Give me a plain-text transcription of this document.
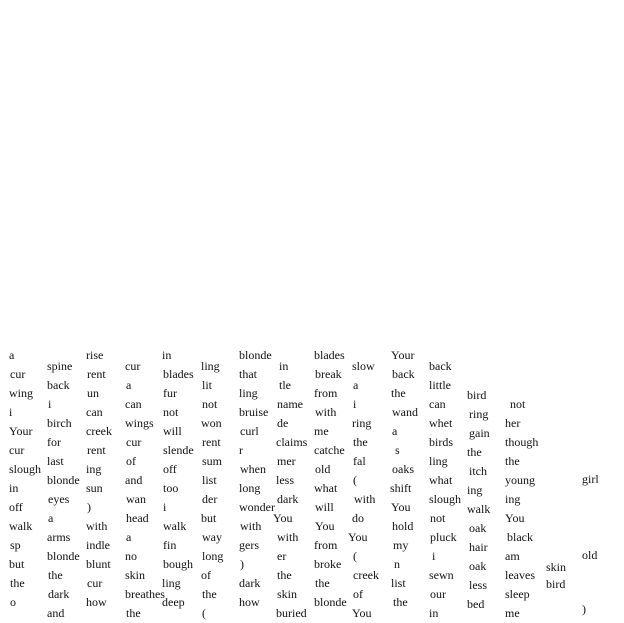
a
cur
wing
i
Your
cur
slough
in
off
walk
sp
but
the
o
spine
back
i
birch
for
last
blonde
eyes
a
arms
blonde
the
dark
and
rise
rent
un
can
creek
rent
ing
sun
)
with
indle
blunt
cur
how
cur
a
can
wings
cur
of
and
wan
head
a
no
skin
breathes
the
in
blades
fur
not
will
slende
off
too
i
walk
fin
bough
ling
deep
ling
lit
not
won
rent
sum
list
der
but
way
long
of
the
(
blonde
that
ling
bruise
curl
r
when
long
wonder
with
gers
)
dark
how
in
tle
name
de
claims
mer
less
dark
You
with
er
the
skin
buried
blades
break
from
with
me
catche
old
what
will
You
from
broke
the
blonde
slow
a
i
ring
the
fal
(
with
do
You
(
creek
of
You
Your
back
the
wand
a
s
oaks
shift
You
hold
my
n
list
the
back
little
can
whet
birds
ling
what
slough
not
pluck
i
sewn
our
in
bird
ring
gain
the
itch
ing
walk
oak
hair
oak
less
bed
not
her
though
the
young
ing
You
black
am
leaves
sleep
me
skin
bird
girl
old
)
